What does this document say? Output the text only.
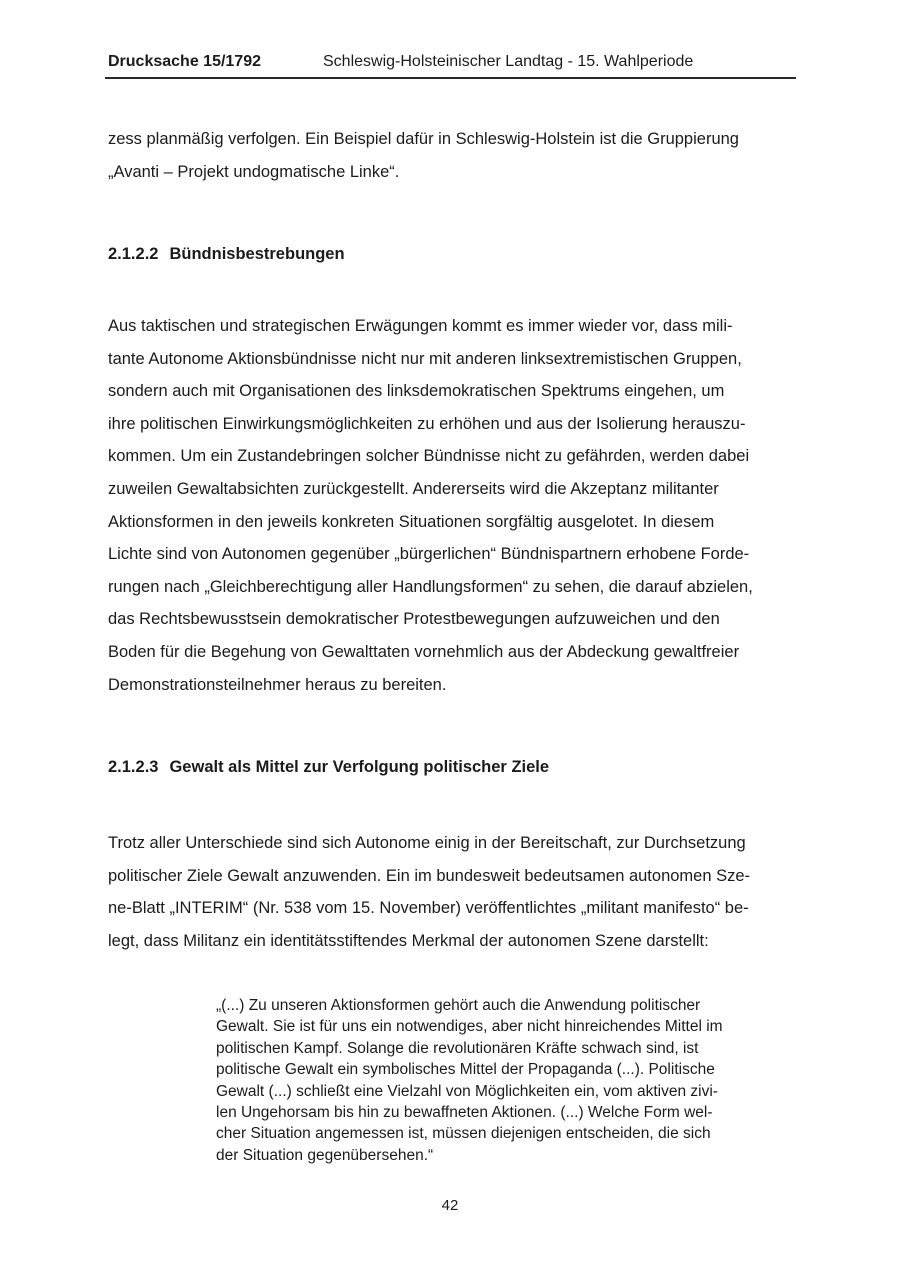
Drucksache 15/1792	Schleswig-Holsteinischer Landtag - 15. Wahlperiode
zess planmäßig verfolgen. Ein Beispiel dafür in Schleswig-Holstein ist die Gruppierung
„Avanti – Projekt undogmatische Linke“.
2.1.2.2 Bündnisbestrebungen
Aus taktischen und strategischen Erwägungen kommt es immer wieder vor, dass mili-
tante Autonome Aktionsbündnisse nicht nur mit anderen linksextremistischen Gruppen,
sondern auch mit Organisationen des linksdemokratischen Spektrums eingehen, um
ihre politischen Einwirkungsmöglichkeiten zu erhöhen und aus der Isolierung herauszu-
kommen. Um ein Zustandebringen solcher Bündnisse nicht zu gefährden, werden dabei
zuweilen Gewaltabsichten zurückgestellt. Andererseits wird die Akzeptanz militanter
Aktionsformen in den jeweils konkreten Situationen sorgfältig ausgelotet. In diesem
Lichte sind von Autonomen gegenüber „bürgerlichen“ Bündnispartnern erhobene Forde-
rungen nach „Gleichberechtigung aller Handlungsformen“ zu sehen, die darauf abzielen,
das Rechtsbewusstsein demokratischer Protestbewegungen aufzuweichen und den
Boden für die Begehung von Gewalttaten vornehmlich aus der Abdeckung gewaltfreier
Demonstrationsteilnehmer heraus zu bereiten.
2.1.2.3 Gewalt als Mittel zur Verfolgung politischer Ziele
Trotz aller Unterschiede sind sich Autonome einig in der Bereitschaft, zur Durchsetzung
politischer Ziele Gewalt anzuwenden. Ein im bundesweit bedeutsamen autonomen Sze-
ne-Blatt „INTERIM“ (Nr. 538 vom 15. November) veröffentlichtes „militant manifesto“ be-
legt, dass Militanz ein identitätsstiftendes Merkmal der autonomen Szene darstellt:
„(...) Zu unseren Aktionsformen gehört auch die Anwendung politischer
Gewalt. Sie ist für uns ein notwendiges, aber nicht hinreichendes Mittel im
politischen Kampf. Solange die revolutionären Kräfte schwach sind, ist
politische Gewalt ein symbolisches Mittel der Propaganda (...). Politische
Gewalt (...) schließt eine Vielzahl von Möglichkeiten ein, vom aktiven zivi-
len Ungehorsam bis hin zu bewaffneten Aktionen. (...) Welche Form wel-
cher Situation angemessen ist, müssen diejenigen entscheiden, die sich
der Situation gegenübersehen.“
42
